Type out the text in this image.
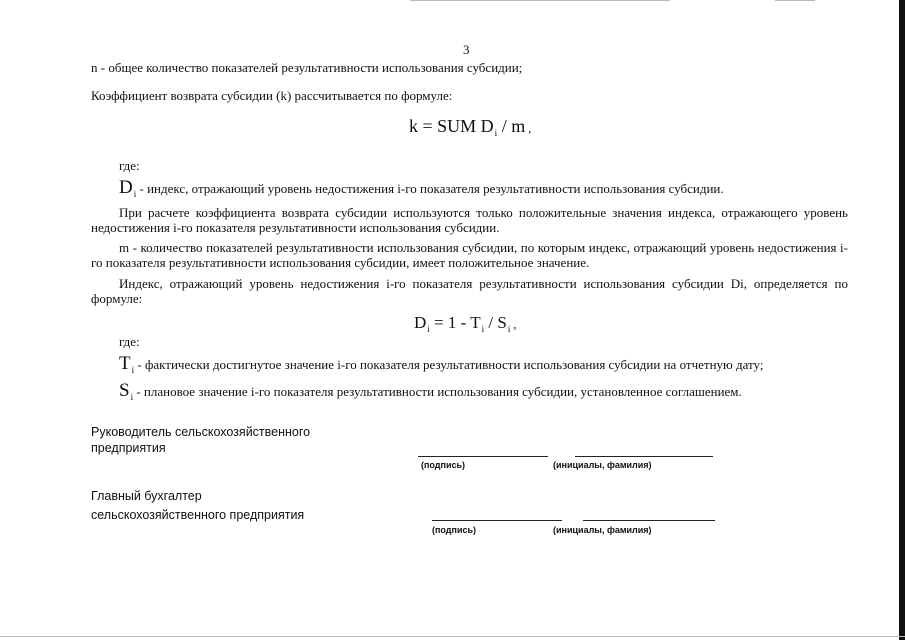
3
n - общее количество показателей результативности использования субсидии;
Коэффициент возврата субсидии (k) рассчитывается по формуле:
k = SUM $D_i$ / m ,
где:
$D_i$ - индекс, отражающий уровень недостижения i-го показателя результативности использования субсидии.
При расчете коэффициента возврата субсидии используются только положительные значения индекса, отражающего уровень недостижения i-го показателя результативности использования субсидии.
m - количество показателей результативности использования субсидии, по которым индекс, отражающий уровень недостижения i-го показателя результативности использования субсидии, имеет положительное значение.
Индекс, отражающий уровень недостижения i-го показателя результативности использования субсидии Di, определяется по формуле:
$D_i = 1 - T_i / S_i$ ,
где:
$T_i$ - фактически достигнутое значение i-го показателя результативности использования субсидии на отчетную дату;
$S_i$ - плановое значение i-го показателя результативности использования субсидии, установленное соглашением.
Руководитель сельскохозяйственного
предприятия
(подпись)	(инициалы, фамилия)
Главный бухгалтер
сельскохозяйственного предприятия
(подпись)	(инициалы, фамилия)
